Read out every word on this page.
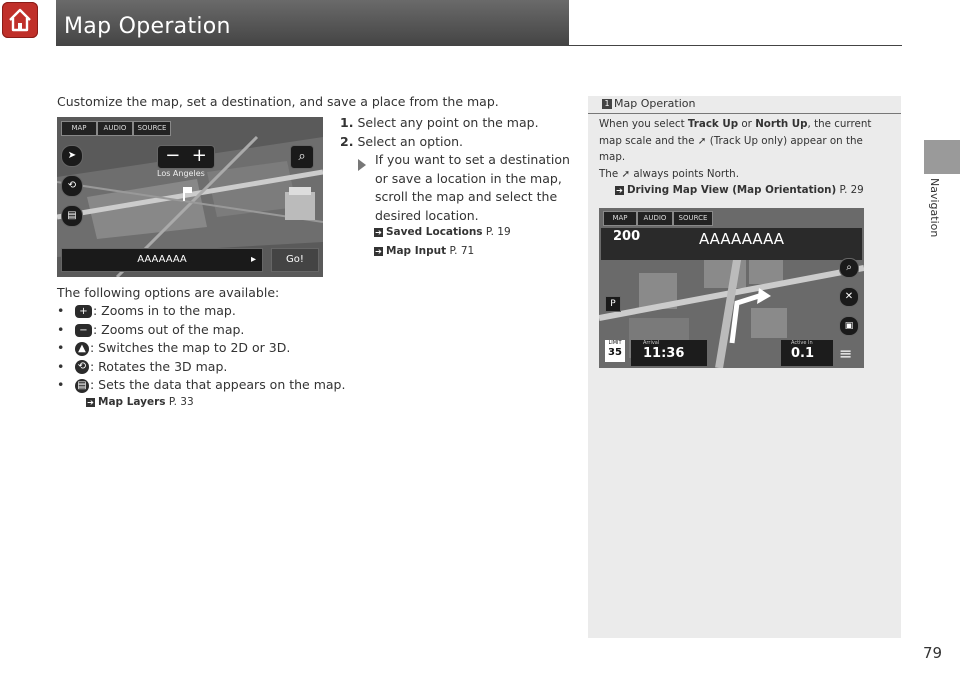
Map Operation
Navigation
Customize the map, set a destination, and save a place from the map.
MAP	AUDIO	SOURCE
−  +	⌕
➤
⟲
▤
Los Angeles
AAAAAAA	▸	Go!
1. Select any point on the map.
2. Select an option.
If you want to set a destination
or save a location in the map,
scroll the map and select the
desired location.
➔ Saved Locations P. 19
➔ Map Input P. 71
The following options are available:
• + : Zooms in to the map.
• − : Zooms out of the map.
• ▲ : Switches the map to 2D or 3D.
• ⟲ : Rotates the 3D map.
• ▤ : Sets the data that appears on the map.
➔ Map Layers P. 33
1 Map Operation
When you select Track Up or North Up, the current
map scale and the ➚ (Track Up only) appear on the
map.
The ➚ always points North.
➔ Driving Map View (Map Orientation) P. 29
MAP	AUDIO	SOURCE
200	AAAAAAAA
⌕
✕
▣
P
LIMIT
35
Arrival
11:36
Active In
0.1	≡
79
